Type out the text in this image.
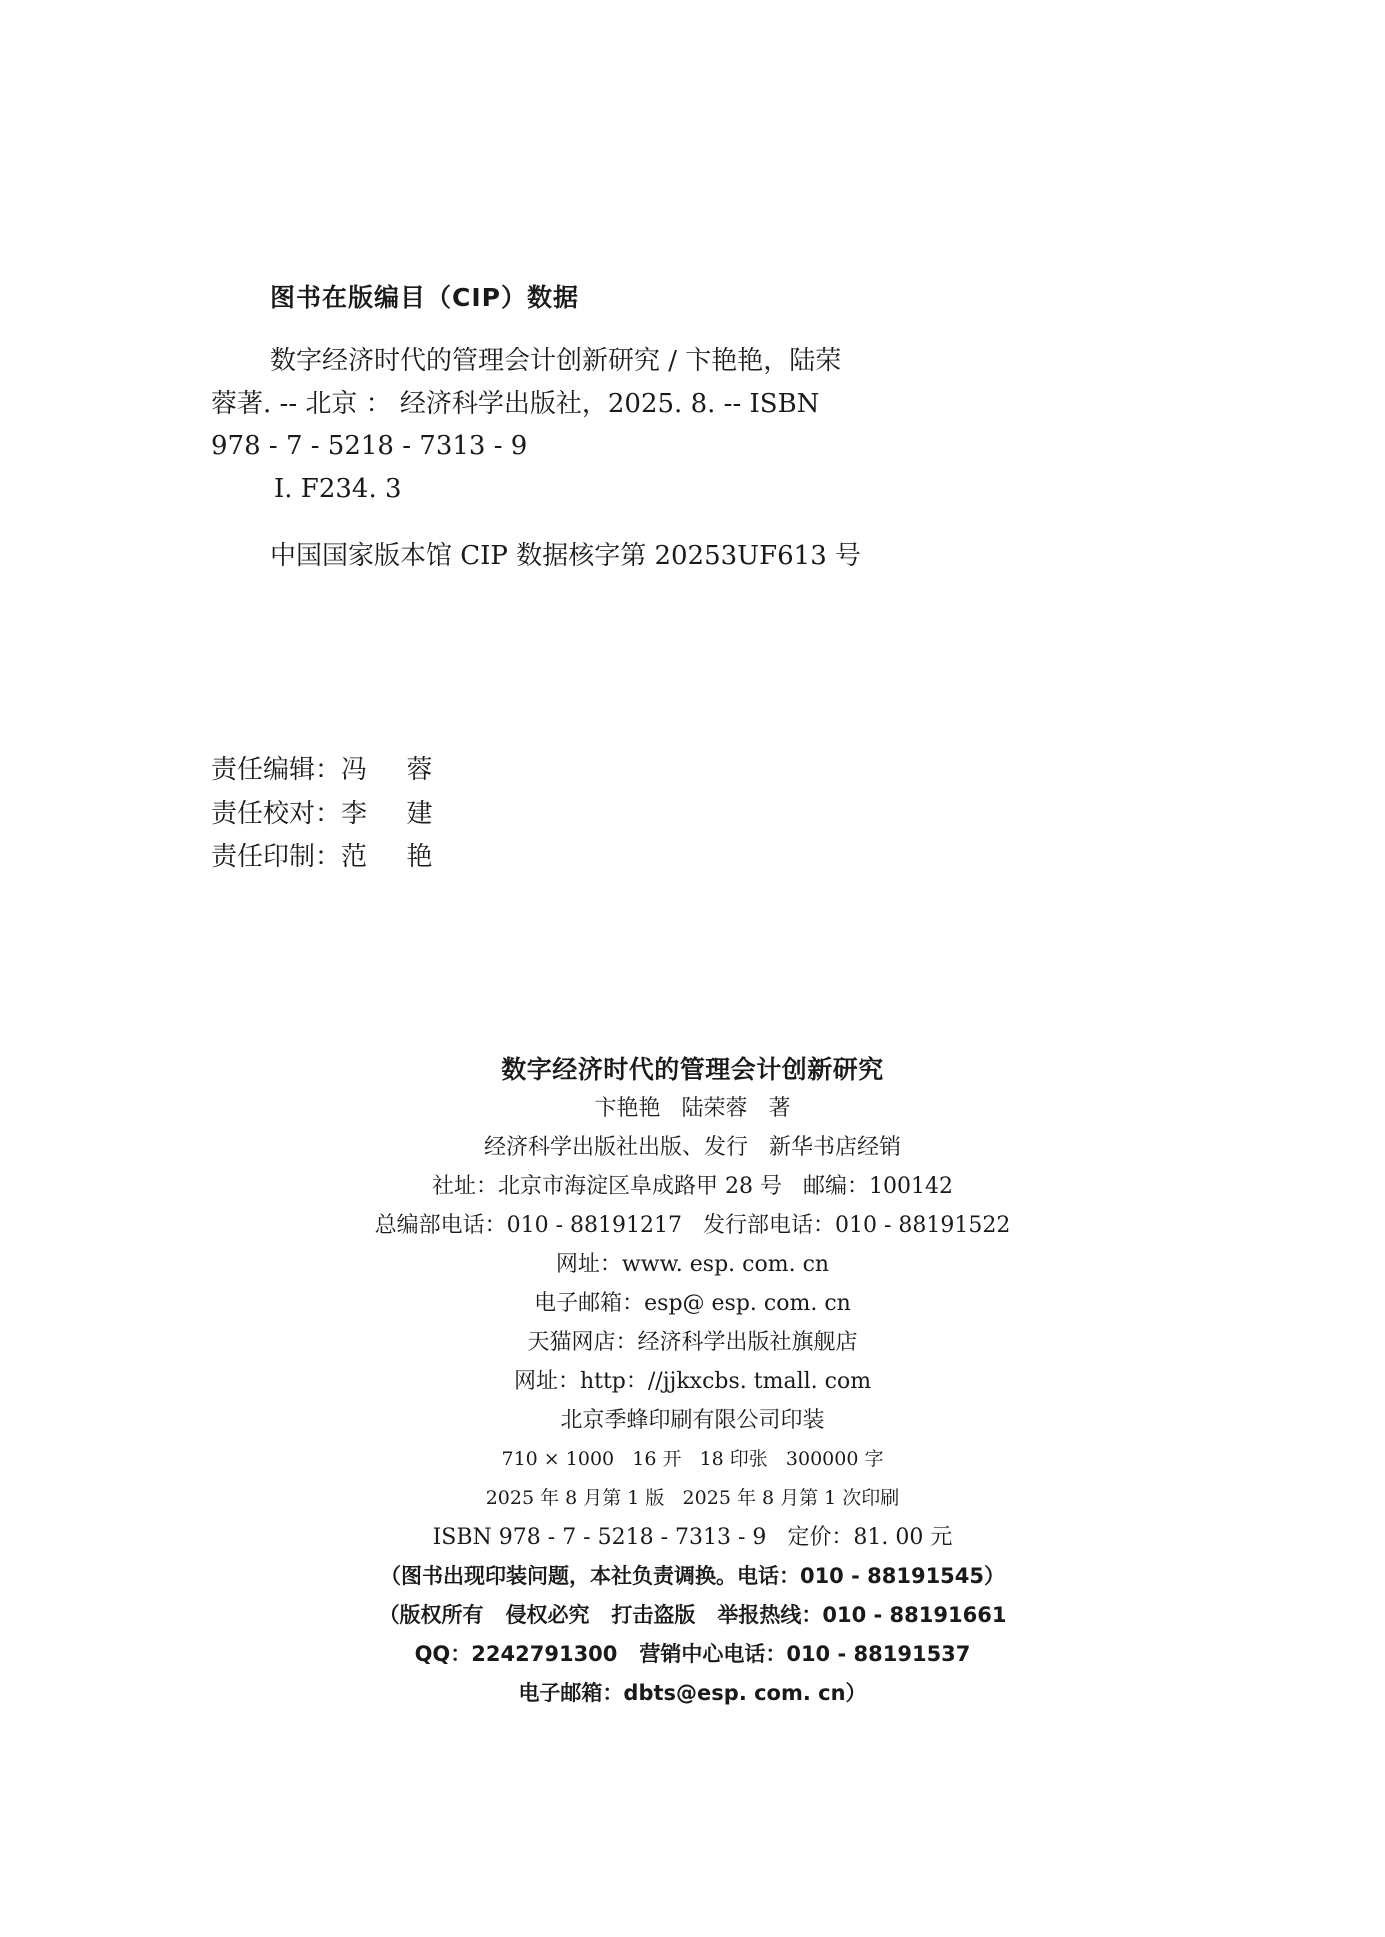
图书在版编目（CIP）数据
数字经济时代的管理会计创新研究 / 卞艳艳，陆荣
蓉著. -- 北京 ： 经济科学出版社，2025. 8. -- ISBN
978 - 7 - 5218 - 7313 - 9
Ⅰ. F234. 3
中国国家版本馆 CIP 数据核字第 20253UF613 号
责任编辑：冯 蓉
责任校对：李 建
责任印制：范 艳
数字经济时代的管理会计创新研究
卞艳艳   陆荣蓉   著
经济科学出版社出版、发行   新华书店经销
社址：北京市海淀区阜成路甲 28 号   邮编：100142
总编部电话：010 - 88191217   发行部电话：010 - 88191522
网址：www. esp. com. cn
电子邮箱：esp@ esp. com. cn
天猫网店：经济科学出版社旗舰店
网址：http：//jjkxcbs. tmall. com
北京季蜂印刷有限公司印装
710 × 1000   16 开   18 印张   300000 字
2025 年 8 月第 1 版   2025 年 8 月第 1 次印刷
ISBN 978 - 7 - 5218 - 7313 - 9   定价：81. 00 元
（图书出现印装问题，本社负责调换。电话：010 - 88191545）
（版权所有   侵权必究   打击盗版   举报热线：010 - 88191661
QQ：2242791300   营销中心电话：010 - 88191537
电子邮箱：dbts@esp. com. cn）
